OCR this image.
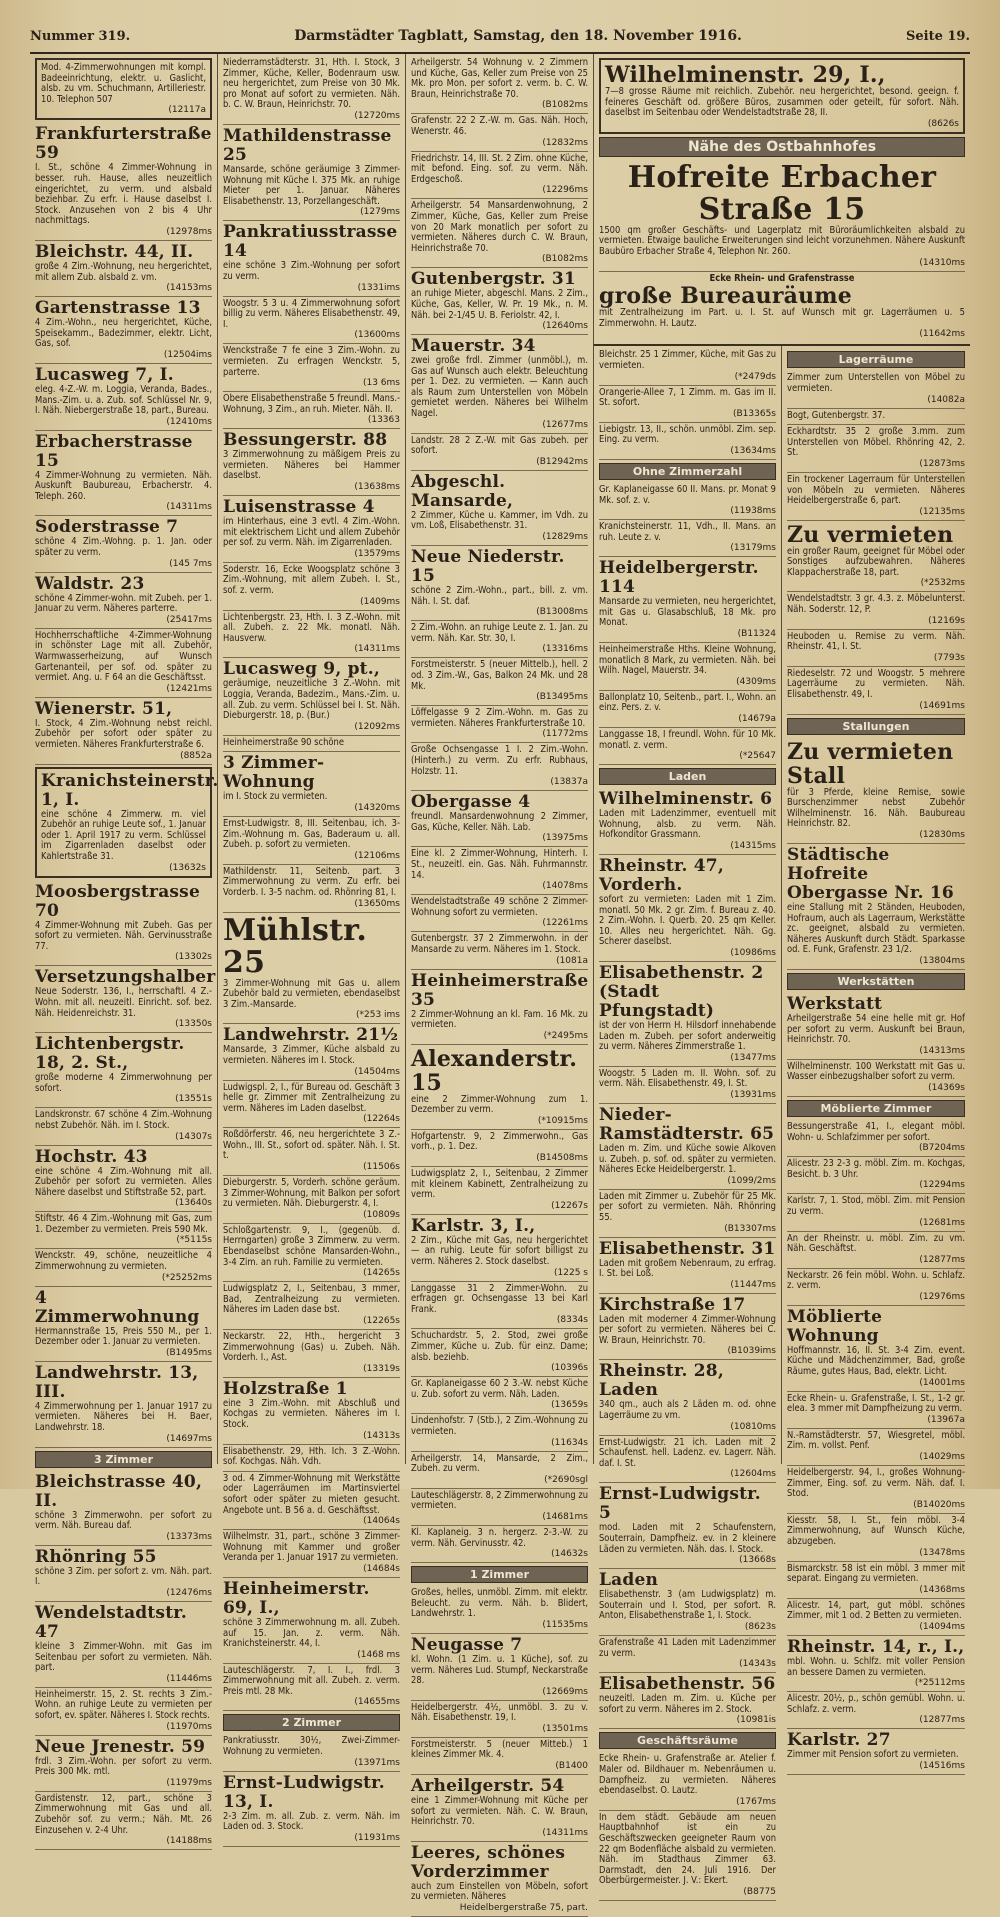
Nummer 319.	Darmstädter Tagblatt, Samstag, den 18. November 1916.	Seite 19.

Mod. 4-Zimmerwohnungen mit kompl. Badeeinrichtung, elektr. u. Gaslicht, alsb. zu vm. Schuchmann, Artilleriestr. 10. Telephon 507

(12117a
Frankfurterstraße 59

I. St., schöne 4 Zimmer-Wohnung in besser. ruh. Hause, alles neuzeitlich eingerichtet, zu verm. und alsbald beziehbar. Zu erfr. i. Hause daselbst I. Stock. Anzusehen von 2 bis 4 Uhr nachmittags.

(12978ms
Bleichstr. 44, II.

große 4 Zim.-Wohnung, neu hergerichtet, mit allem Zub. alsbald z. vm.

(14153ms
Gartenstrasse 13

4 Zim.-Wohn., neu hergerichtet, Küche, Speisekamm., Badezimmer, elektr. Licht, Gas, sof.

(12504ims
Lucasweg 7, I.

eleg. 4-Z.-W. m. Loggia, Veranda, Bades., Mans.-Zim. u. a. Zub. sof. Schlüssel Nr. 9, I. Näh. Niebergerstraße 18, part., Bureau.

(12410ms
Erbacherstrasse 15

4 Zimmer-Wohnung zu vermieten. Näh. Auskunft Baubureau, Erbacherstr. 4. Teleph. 260.

(14311ms
Soderstrasse 7

schöne 4 Zim.-Wohng. p. 1. Jan. oder später zu verm.

(145 7ms
Waldstr. 23

schöne 4 Zimmer-wohn. mit Zubeh. per 1. Januar zu verm. Näheres parterre.

(25417ms

Hochherrschaftliche 4-Zimmer-Wohnung in schönster Lage mit all. Zubehör, Warmwasserheizung, auf Wunsch Gartenanteil, per sof. od. später zu vermiet. Ang. u. F 64 an die Geschäftsst.

(12421ms
Wienerstr. 51,

I. Stock, 4 Zim.-Wohnung nebst reichl. Zubehör per sofort oder später zu vermieten. Näheres Frankfurterstraße 6.

(8852a
Kranichsteinerstr. 1, I.

eine schöne 4 Zimmerw. m. viel Zubehör an ruhige Leute sof., 1. Januar oder 1. April 1917 zu verm. Schlüssel im Zigarrenladen daselbst oder Kahlertstraße 31.

(13632s
Moosbergstrasse 70

4 Zimmer-Wohnung mit Zubeh. Gas per sofort zu vermieten. Näh. Gervinusstraße 77.

(13302s
Versetzungshalber

Neue Soderstr. 136, I., herrschaftl. 4 Z.-Wohn. mit all. neuzeitl. Einricht. sof. bez. Näh. Heidenreichstr. 31.

(13350s
Lichtenbergstr. 18, 2. St.,

große moderne 4 Zimmerwohnung per sofort.

(13551s

Landskronstr. 67 schöne 4 Zim.-Wohnung nebst Zubehör. Näh. im I. Stock.

(14307s
Hochstr. 43

eine schöne 4 Zim.-Wohnung mit all. Zubehör per sofort zu vermieten. Alles Nähere daselbst und Stiftstraße 52, part.

(13640s

Stiftstr. 46 4 Zim.-Wohnung mit Gas, zum 1. Dezember zu vermieten. Preis 590 Mk.

(*5115s

Wenckstr. 49, schöne, neuzeitliche 4 Zimmerwohnung zu vermieten.

(*25252ms
4 Zimmerwohnung

Hermannstraße 15, Preis 550 M., per 1. Dezember oder 1. Januar zu vermieten.

(B1495ms
Landwehrstr. 13, III.

4 Zimmerwohnung per 1. Januar 1917 zu vermieten. Näheres bei H. Baer, Landwehrstr. 18.

(14697ms
3 Zimmer
Bleichstrasse 40, II.

schöne 3 Zimmerwohn. per sofort zu verm. Näh. Bureau daf.

(13373ms
Rhönring 55

schöne 3 Zim. per sofort z. vm. Näh. part. I.

(12476ms
Wendelstadtstr. 47

kleine 3 Zimmer-Wohn. mit Gas im Seitenbau per sofort zu vermieten. Näh. part.

(11446ms

Heinheimerstr. 15, 2. St. rechts 3 Zim.-Wohn. an ruhige Leute zu vermieten per sofort, ev. später. Näheres I. Stock rechts.

(11970ms
Neue Jrenestr. 59

frdl. 3 Zim.-Wohn. per sofort zu verm. Preis 300 Mk. mtl.

(11979ms

Gardistenstr. 12, part., schöne 3 Zimmerwohnung mit Gas und all. Zubehör sof. zu verm.; Näh. Mt. 26 Einzusehen v. 2-4 Uhr.

(14188ms

Niederramstädterstr. 31, Hth. I. Stock, 3 Zimmer, Küche, Keller, Bodenraum usw. neu hergerichtet, zum Preise von 30 Mk. pro Monat auf sofort zu vermieten. Näh. b. C. W. Braun, Heinrichstr. 70.

(12720ms
Mathildenstrasse 25

Mansarde, schöne geräumige 3 Zimmer-Wohnung mit Küche I. 375 Mk. an ruhige Mieter per 1. Januar. Näheres Elisabethenstr. 13, Porzellangeschäft.

(1279ms
Pankratiusstrasse 14

eine schöne 3 Zim.-Wohnung per sofort zu verm.

(1331ims

Woogstr. 5 3 u. 4 Zimmerwohnung sofort billig zu verm. Näheres Elisabethenstr. 49, I.

(13600ms

Wenckstraße 7 fe eine 3 Zim.-Wohn. zu vermieten. Zu erfragen Wenckstr. 5, parterre.

(13 6ms

Obere Elisabethenstraße 5 freundl. Mans.-Wohnung, 3 Zim., an ruh. Mieter. Näh. II.

(13363
Bessungerstr. 88

3 Zimmerwohnung zu mäßigem Preis zu vermieten. Näheres bei Hammer daselbst.

(13638ms
Luisenstrasse 4

im Hinterhaus, eine 3 evtl. 4 Zim.-Wohn. mit elektrischem Licht und allem Zubehör per sof. zu verm. Näh. im Zigarrenladen.

(13579ms

Soderstr. 16, Ecke Woogsplatz schöne 3 Zim.-Wohnung, mit allem Zubeh. I. St., sof. z. verm.

(1409ms

Lichtenbergstr. 23, Hth. I. 3 Z.-Wohn. mit all. Zubeh. z. 22 Mk. monatl. Näh. Hausverw.

(14311ms
Lucasweg 9, pt.,

geräumige, neuzeitliche 3 Z.-Wohn. mit Loggia, Veranda, Badezim., Mans.-Zim. u. all. Zub. zu verm. Schlüssel bei I. St. Näh. Dieburgerstr. 18, p. (Bur.)

(12092ms

Heinheimerstraße 90 schöne

3 Zimmer-Wohnung

im I. Stock zu vermieten.

(14320ms

Ernst-Ludwigstr. 8, III. Seitenbau, ich. 3-Zim.-Wohnung m. Gas, Baderaum u. all. Zubeh. p. sofort zu vermieten.

(12106ms

Mathildenstr. 11, Seitenb. part. 3 Zimmerwohnung zu verm. Zu erfr. bei Vorderb. I. 3-5 nachm. od. Rhönring 81, I.

(13650ms
Mühlstr. 25

3 Zimmer-Wohnung mit Gas u. allem Zubehör bald zu vermieten, ebendaselbst 3 Zim.-Mansarde.

(*253 ims
Landwehrstr. 21½

Mansarde, 3 Zimmer, Küche alsbald zu vermieten. Näheres im I. Stock.

(14504ms

Ludwigspl. 2, I., für Bureau od. Geschäft 3 helle gr. Zimmer mit Zentralheizung zu verm. Näheres im Laden daselbst.

(12264s

Roßdörferstr. 46, neu hergerichtete 3 Z.-Wohn., III. St., sofort od. später. Näh. I. St. t.

(11506s

Dieburgerstr. 5, Vorderh. schöne geräum. 3 Zimmer-Wohnung, mit Balkon per sofort zu vermieten. Näh. Dieburgerstr. 4, I.

(10809s

Schloßgartenstr. 9, I., (gegenüb. d. Herrngarten) große 3 Zimmerw. zu verm. Ebendaselbst schöne Mansarden-Wohn., 3-4 Zim. an ruh. Familie zu vermieten.

(14265s

Ludwigsplatz 2, I., Seitenbau, 3 mmer, Bad, Zentralheizung zu vermieten. Näheres im Laden dase bst.

(12265s

Neckarstr. 22, Hth., hergericht 3 Zimmerwohnung (Gas) u. Zubeh. Näh. Vorderh. I., Ast.

(13319s
Holzstraße 1

eine 3 Zim.-Wohn. mit Abschluß und Kochgas zu vermieten. Näheres im I. Stock.

(14313s

Elisabethenstr. 29, Hth. Ich. 3 Z.-Wohn. sof. Kochgas. Näh. Vdh.

3 od. 4 Zimmer-Wohnung mit Werkstätte oder Lagerräumen im Martinsviertel sofort oder später zu mieten gesucht. Angebote unt. B 56 a. d. Geschäftsst.

(14064s

Wilhelmstr. 31, part., schöne 3 Zimmer-Wohnung mit Kammer und großer Veranda per 1. Januar 1917 zu vermieten.

(14684s
Heinheimerstr. 69, I.,

schöne 3 Zimmerwohnung m. all. Zubeh. auf 15. Jan. z. verm. Näh. Kranichsteinerstr. 44, I.

(1468 ms

Lauteschlägerstr. 7, I. I., frdl. 3 Zimmerwohnung mit all. Zubeh. z. verm. Preis mtl. 28 Mk.

(14655ms
2 Zimmer

Pankratiusstr. 30½, Zwei-Zimmer-Wohnung zu vermieten.

(13971ms
Ernst-Ludwigstr. 13, I.

2-3 Zim. m. all. Zub. z. verm. Näh. im Laden od. 3. Stock.

(11931ms

Arheilgerstr. 54 Wohnung v. 2 Zimmern und Küche, Gas, Keller zum Preise von 25 Mk. pro Mon. per sofort z. verm. b. C. W. Braun, Heinrichstraße 70.

(B1082ms

Grafenstr. 22 2 Z.-W. m. Gas. Näh. Hoch, Wenerstr. 46.

(12832ms

Friedrichstr. 14, III. St. 2 Zim. ohne Küche, mit befond. Eing. sof. zu verm. Näh. Erdgeschoß.

(12296ms

Arheilgerstr. 54 Mansardenwohnung, 2 Zimmer, Küche, Gas, Keller zum Preise von 20 Mark monatlich per sofort zu vermieten. Näheres durch C. W. Braun, Heinrichstraße 70.

(B1082ms
Gutenbergstr. 31

an ruhige Mieter, abgeschl. Mans. 2 Zim., Küche, Gas, Keller, W. Pr. 19 Mk., n. M. Näh. bei 2-1/45 U. B. Feriolstr. 42, I.

(12640ms
Mauerstr. 34

zwei große frdl. Zimmer (unmöbl.), m. Gas auf Wunsch auch elektr. Beleuchtung per 1. Dez. zu vermieten. — Kann auch als Raum zum Unterstellen von Möbeln gemietet werden. Näheres bei Wilhelm Nagel.

(12677ms

Landstr. 28 2 Z.-W. mit Gas zubeh. per sofort.

(B12942ms
Abgeschl. Mansarde,

2 Zimmer, Küche u. Kammer, im Vdh. zu vm. Loß, Elisabethenstr. 31.

(12829ms
Neue Niederstr. 15

schöne 2 Zim.-Wohn., part., bill. z. vm. Näh. I. St. daf.

(B13008ms

2 Zim.-Wohn. an ruhige Leute z. 1. Jan. zu verm. Näh. Kar. Str. 30, I.

(13316ms

Forstmeisterstr. 5 (neuer Mittelb.), hell. 2 od. 3 Zim.-W., Gas, Balkon 24 Mk. und 28 Mk.

(B13495ms

Löffelgasse 9 2 Zim.-Wohn. m. Gas zu vermieten. Näheres Frankfurterstraße 10.

(11772ms

Große Ochsengasse 1 I. 2 Zim.-Wohn. (Hinterh.) zu verm. Zu erfr. Rubhaus, Holzstr. 11.

(13837a
Obergasse 4

freundl. Mansardenwohnung 2 Zimmer, Gas, Küche, Keller. Näh. Lab.

(13975ms

Eine kl. 2 Zimmer-Wohnung, Hinterh. I. St., neuzeitl. ein. Gas. Näh. Fuhrmannstr. 14.

(14078ms

Wendelstadtstraße 49 schöne 2 Zimmer-Wohnung sofort zu vermieten.

(12261ms

Gutenbergstr. 37 2 Zimmerwohn. in der Mansarde zu verm. Näheres im 1. Stock.

(1081a
Heinheimerstraße 35

2 Zimmer-Wohnung an kl. Fam. 16 Mk. zu vermieten.

(*2495ms
Alexanderstr. 15

eine 2 Zimmer-Wohnung zum 1. Dezember zu verm.

(*10915ms

Hofgartenstr. 9, 2 Zimmerwohn., Gas vorh., p. 1. Dez.

(B14508ms

Ludwigsplatz 2, I., Seitenbau, 2 Zimmer mit kleinem Kabinett, Zentralheizung zu verm.

(12267s
Karlstr. 3, I.,

2 Zim., Küche mit Gas, neu hergerichtet — an ruhig. Leute für sofort billigst zu verm. Näheres 2. Stock daselbst.

(1225 s

Langgasse 31 2 Zimmer-Wohn. zu erfragen gr. Ochsengasse 13 bei Karl Frank.

(8334s

Schuchardstr. 5, 2. Stod, zwei große Zimmer, Küche u. Zub. für einz. Dame; alsb. beziehb.

(10396s

Gr. Kaplaneigasse 60 2 3.-W. nebst Küche u. Zub. sofort zu verm. Näh. Laden.

(13659s

Lindenhofstr. 7 (Stb.), 2 Zim.-Wohnung zu vermieten.

(11634s

Arheilgerstr. 14, Mansarde, 2 Zim., Zubeh. zu verm.

(*2690sgl

Lauteschlägerstr. 8, 2 Zimmerwohnung zu vermieten.

(14681ms

Kl. Kaplaneig. 3 n. hergerz. 2-3.-W. zu verm. Näh. Gervinusstr. 42.

(14632s
1 Zimmer

Großes, helles, unmöbl. Zimm. mit elektr. Beleucht. zu verm. Näh. b. Blidert, Landwehrstr. 1.

(11535ms
Neugasse 7

kl. Wohn. (1 Zim. u. 1 Küche), sof. zu verm. Näheres Lud. Stumpf, Neckarstraße 28.

(12669ms

Heidelbergerstr. 4½, unmöbl. 3. zu v. Näh. Eisabethenstr. 19, I.

(13501ms

Forstmeisterstr. 5 (neuer Mitteb.) 1 kleines Zimmer Mk. 4.

(B1400
Arheilgerstr. 54

eine 1 Zimmer-Wohnung mit Küche per sofort zu vermieten. Näh. C. W. Braun, Heinrichstr. 70.

(14311ms
Leeres, schönes Vorderzimmer

auch zum Einstellen von Möbeln, sofort zu vermieten. Näheres

Heidelbergerstraße 75, part.
Wilhelminenstr. 29, I.,

7—8 grosse Räume mit reichlich. Zubehör. neu hergerichtet, besond. geeign. f. feineres Geschäft od. größere Büros, zusammen oder geteilt, für sofort. Näh. daselbst im Seitenbau oder Wendelstadtstraße 28, II.

(8626s
Nähe des Ostbahnhofes
Hofreite Erbacher Straße 15

1500 qm großer Geschäfts- und Lagerplatz mit Büroräumlichkeiten alsbald zu vermieten. Etwaige bauliche Erweiterungen sind leicht vorzunehmen. Nähere Auskunft Baubüro Erbacher Straße 4, Telephon Nr. 260.

(14310ms

Ecke Rhein- und Grafenstrasse

große Bureauräume

mit Zentralheizung im Part. u. I. St. auf Wunsch mit gr. Lagerräumen u. 5 Zimmerwohn. H. Lautz.

(11642ms

Bleichstr. 25 1 Zimmer, Küche, mit Gas zu vermieten.

(*2479ds

Orangerie-Allee 7, 1 Zimm. m. Gas im II. St. sofort.

(B13365s

Liebigstr. 13, II., schön. unmöbl. Zim. sep. Eing. zu verm.

(13634ms
Ohne Zimmerzahl

Gr. Kaplaneigasse 60 II. Mans. pr. Monat 9 Mk. sof. z. v.

(11938ms

Kranichsteinerstr. 11, Vdh., II. Mans. an ruh. Leute z. v.

(13179ms
Heidelbergerstr. 114

Mansarde zu vermieten, neu hergerichtet, mit Gas u. Glasabschluß, 18 Mk. pro Monat.

(B11324

Heinheimerstraße Hths. Kleine Wohnung, monatlich 8 Mark, zu vermieten. Näh. bei Wilh. Nagel, Mauerstr. 34.

(4309ms

Ballonplatz 10, Seitenb., part. I., Wohn. an einz. Pers. z. v.

(14679a

Langgasse 18, I freundl. Wohn. für 10 Mk. monatl. z. verm.

(*25647
Laden
Wilhelminenstr. 6

Laden mit Ladenzimmer, eventuell mit Wohnung, alsb. zu verm. Näh. Hofkonditor Grassmann.

(14315ms
Rheinstr. 47, Vorderh.

sofort zu vermieten: Laden mit 1 Zim. monatl. 50 Mk. 2 gr. Zim. f. Bureau z. 40. 2 Zim.-Wohn. I. Querb. 20. 25 qm Keller. 10. Alles neu hergerichtet. Näh. Gg. Scherer daselbst.

(10986ms
Elisabethenstr. 2 (Stadt Pfungstadt)

ist der von Herrn H. Hilsdorf innehabende Laden m. Zubeh. per sofort anderweitig zu verm. Näheres Zimmerstraße 1.

(13477ms

Woogstr. 5 Laden m. II. Wohn. sof. zu verm. Näh. Elisabethenstr. 49, I. St.

(13931ms
Nieder-Ramstädterstr. 65

Laden m. Zim. und Küche sowie Alkoven u. Zubeh. p. sof. od. später zu vermieten. Näheres Ecke Heidelbergerstr. 1.

(1099/2ms

Laden mit Zimmer u. Zubehör für 25 Mk. per sofort zu vermieten. Näh. Rhönring 55.

(B13307ms
Elisabethenstr. 31

Laden mit großem Nebenraum, zu erfrag. I. St. bei Loß.

(11447ms
Kirchstraße 17

Laden mit moderner 4 Zimmer-Wohnung per sofort zu vermieten. Näheres bei C. W. Braun, Heinrichstr. 70.

(B1039ims
Rheinstr. 28, Laden

340 qm., auch als 2 Läden m. od. ohne Lagerräume zu vm.

(10810ms

Ernst-Ludwigstr. 21 ich. Laden mit 2 Schaufenst. hell. Ladenz. ev. Lagerr. Näh. daf. I. St.

(12604ms
Ernst-Ludwigstr. 5

mod. Laden mit 2 Schaufenstern, Souterrain, Dampfheiz. ev. in 2 kleinere Läden zu vermieten. Näh. das. I. Stock.

(13668s
Laden

Elisabethenstr. 3 (am Ludwigsplatz) m. Souterrain und I. Stod, per sofort. R. Anton, Elisabethenstraße 1, I. Stock.

(8623s

Grafenstraße 41 Laden mit Ladenzimmer zu verm.

(14343s
Elisabethenstr. 56

neuzeitl. Laden m. Zim. u. Küche per sofort zu verm. Näheres im 2. Stock.

(10981is
Geschäftsräume

Ecke Rhein- u. Grafenstraße ar. Atelier f. Maler od. Bildhauer m. Nebenräumen u. Dampfheiz. zu vermieten. Näheres ebendaselbst. O. Lautz.

(1767ms

In dem städt. Gebäude am neuen Hauptbahnhof ist ein zu Geschäftszwecken geeigneter Raum von 22 qm Bodenfläche alsbald zu vermieten. Näh. im Stadthaus Zimmer 63. Darmstadt, den 24. Juli 1916. Der Oberbürgermeister. J. V.: Ekert.

(B8775
Lagerräume

Zimmer zum Unterstellen von Möbel zu vermieten.

(14082a

Bogt, Gutenbergstr. 37.

Eckhardtstr. 35 2 große 3.mm. zum Unterstellen von Möbel. Rhönring 42, 2. St.

(12873ms

Ein trockener Lagerraum für Unterstellen von Möbeln zu vermieten. Näheres Heidelbergerstraße 6, part.

(12135ms
Zu vermieten

ein großer Raum, geeignet für Möbel oder Sonstiges aufzubewahren. Näheres Klappacherstraße 18, part.

(*2532ms

Wendelstadtstr. 3 gr. 4.3. z. Möbelunterst. Näh. Soderstr. 12, P.

(12169s

Heuboden u. Remise zu verm. Näh. Rheinstr. 41, I. St.

(7793s

Riedeselstr. 72 und Woogstr. 5 mehrere Lagerräume zu vermieten. Näh. Elisabethenstr. 49, I.

(14691ms
Stallungen
Zu vermieten Stall

für 3 Pferde, kleine Remise, sowie Burschenzimmer nebst Zubehör Wilhelminenstr. 16. Näh. Baubureau Heinrichstr. 82.

(12830ms
Städtische Hofreite Obergasse Nr. 16

eine Stallung mit 2 Ständen, Heuboden, Hofraum, auch als Lagerraum, Werkstätte zc. geeignet, alsbald zu vermieten. Näheres Auskunft durch Städt. Sparkasse od. E. Funk, Grafenstr. 23 1/2.

(13804ms
Werkstätten
Werkstatt

Arheilgerstraße 54 eine helle mit gr. Hof per sofort zu verm. Auskunft bei Braun, Heinrichstr. 70.

(14313ms

Wilhelminenstr. 100 Werkstatt mit Gas u. Wasser einbezugshalber sofort zu verm.

(14369s
Möblierte Zimmer

Bessungerstraße 41, I., elegant möbl. Wohn- u. Schlafzimmer per sofort.

(B7204ms

Alicestr. 23 2-3 g. möbl. Zim. m. Kochgas, Besicht. b. 3 Uhr.

(12294ms

Karlstr. 7, 1. Stod, möbl. Zim. mit Pension zu verm.

(12681ms

An der Rheinstr. u. möbl. Zim. zu vm. Näh. Geschäftst.

(12877ms

Neckarstr. 26 fein möbl. Wohn. u. Schlafz. z. verm.

(12976ms
Möblierte Wohnung

Hoffmannstr. 16, II. St. 3-4 Zim. event. Küche und Mädchenzimmer, Bad, große Räume, gutes Haus, Bad, elektr. Licht.

(14001ms

Ecke Rhein- u. Grafenstraße, I. St., 1-2 gr. elea. 3 mmer mit Dampfheizung zu verm.

(13967a

N.-Ramstädterstr. 57, Wiesgretel, möbl. Zim. m. vollst. Penf.

(14029ms

Heidelbergerstr. 94, I., großes Wohnung-Zimmer, Eing. sof. zu verm. Näh. daf. I. Stod.

(B14020ms

Kiesstr. 58, I. St., fein möbl. 3-4 Zimmerwohnung, auf Wunsch Küche, abzugeben.

(13478ms

Bismarckstr. 58 ist ein möbl. 3 mmer mit separat. Eingang zu vermieten.

(14368ms

Alicestr. 14, part, gut möbl. schönes Zimmer, mit 1 od. 2 Betten zu vermieten.

(14094ms
Rheinstr. 14, r., I.,

mbl. Wohn. u. Schlfz. mit voller Pension an bessere Damen zu vermieten.

(*25112ms

Alicestr. 20½, p., schön gemübl. Wohn. u. Schlafz. z. verm.

(12877ms
Karlstr. 27

Zimmer mit Pension sofort zu vermieten.

(14516ms
